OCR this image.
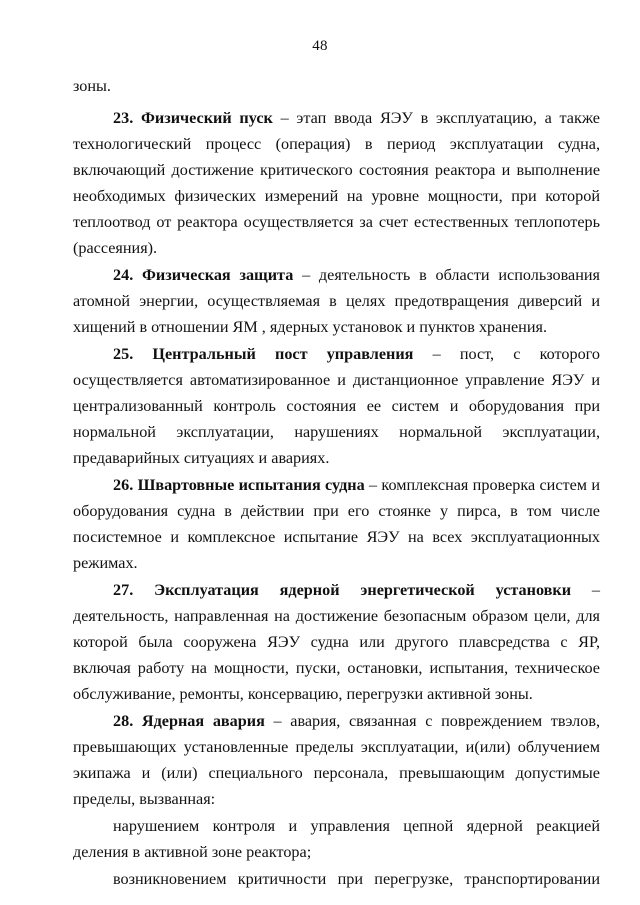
48

зоны.

23. Физический пуск – этап ввода ЯЭУ в эксплуатацию, а также технологический процесс (операция) в период эксплуатации судна, включающий достижение критического состояния реактора и выполнение необходимых физических измерений на уровне мощности, при которой теплоотвод от реактора осуществляется за счет естественных теплопотерь (рассеяния).

24. Физическая защита – деятельность в области использования атомной энергии, осуществляемая в целях предотвращения диверсий и хищений в отношении ЯМ , ядерных установок и пунктов хранения.

25. Центральный пост управления – пост, с которого осуществляется автоматизированное и дистанционное управление ЯЭУ и централизованный контроль состояния ее систем и оборудования при нормальной эксплуатации, нарушениях нормальной эксплуатации, предаварийных ситуациях и авариях.

26. Швартовные испытания судна – комплексная проверка систем и оборудования судна в действии при его стоянке у пирса, в том числе посистемное и комплексное испытание ЯЭУ на всех эксплуатационных режимах.

27. Эксплуатация ядерной энергетической установки – деятельность, направленная на достижение безопасным образом цели, для которой была сооружена ЯЭУ судна или другого плавсредства с ЯР, включая работу на мощности, пуски, остановки, испытания, техническое обслуживание, ремонты, консервацию, перегрузки активной зоны.

28. Ядерная авария – авария, связанная с повреждением твэлов, превышающих установленные пределы эксплуатации, и(или) облучением экипажа и (или) специального персонала, превышающим допустимые пределы, вызванная:

нарушением контроля и управления цепной ядерной реакцией деления в активной зоне реактора;

возникновением критичности при перегрузке, транспортировании
